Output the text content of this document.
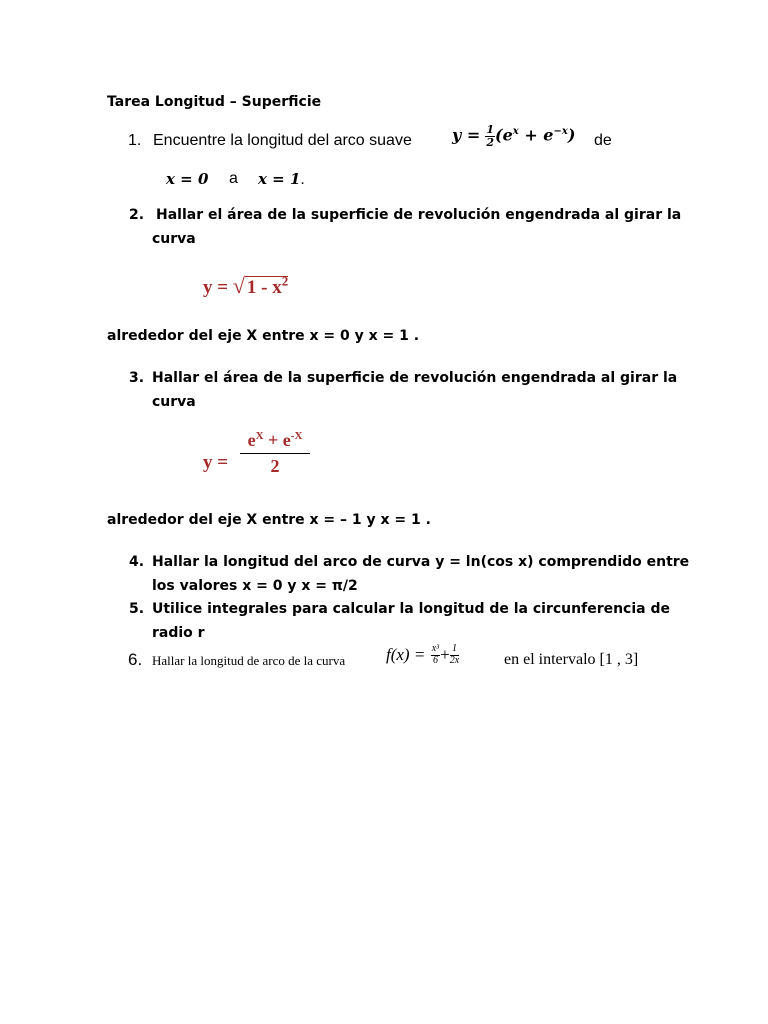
Tarea Longitud – Superficie
1. Encuentre la longitud del arco suave	$y = \frac{1}{2} (e^x + e^{-x})$ de
x = 0 a x = 1.
2. Hallar el área de la superficie de revolución engendrada al girar la
curva
y = √ $1 - x^2$
alrededor del eje X entre x = 0 y x = 1 .
3. Hallar el área de la superficie de revolución engendrada al girar la
curva
y =
$e^X + e^{-X}$
2
alrededor del eje X entre x = – 1 y x = 1 .
4. Hallar la longitud del arco de curva y = ln(cos x) comprendido entre
los valores x = 0 y x = π/2
5. Utilice integrales para calcular la longitud de la circunferencia de
radio r
6. Hallar la longitud de arco de la curva $f(x) = \frac{\text{x³}}{6} + \frac{1}{2x}$	en el intervalo [1 , 3]
